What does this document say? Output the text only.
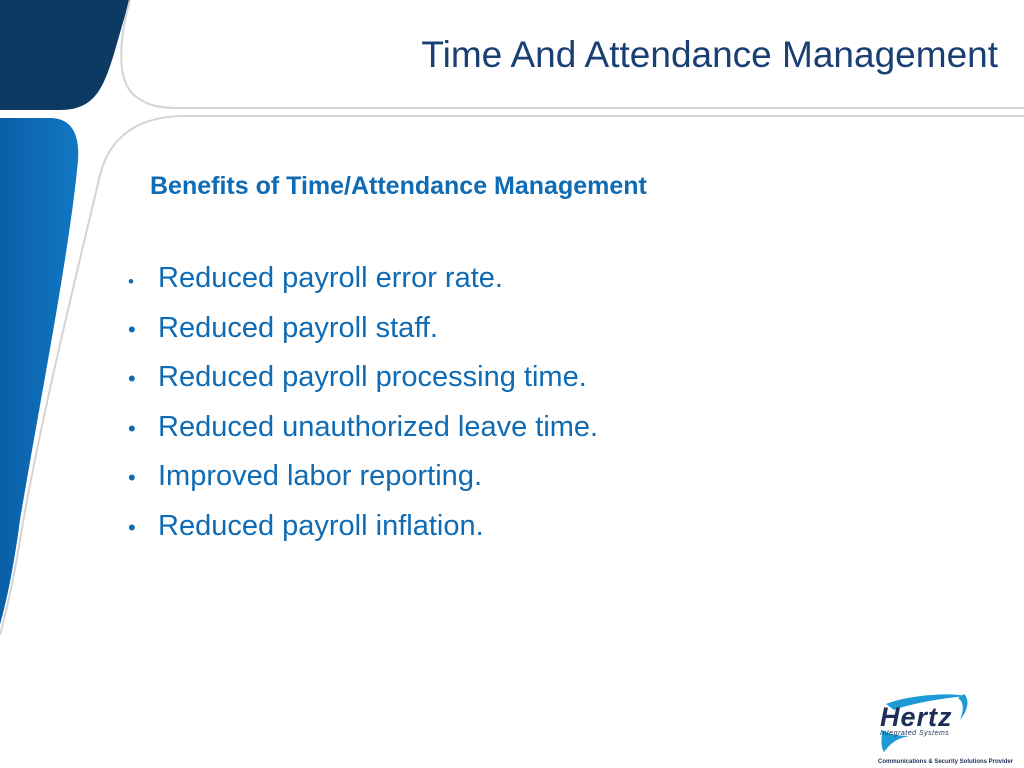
Time And Attendance Management
Benefits of Time/Attendance Management
• Reduced payroll error rate.
• Reduced payroll staff.
• Reduced payroll processing time.
• Reduced unauthorized leave time.
• Improved labor reporting.
• Reduced payroll inflation.
Hertz
Integrated Systems
Communications & Security Solutions Provider
